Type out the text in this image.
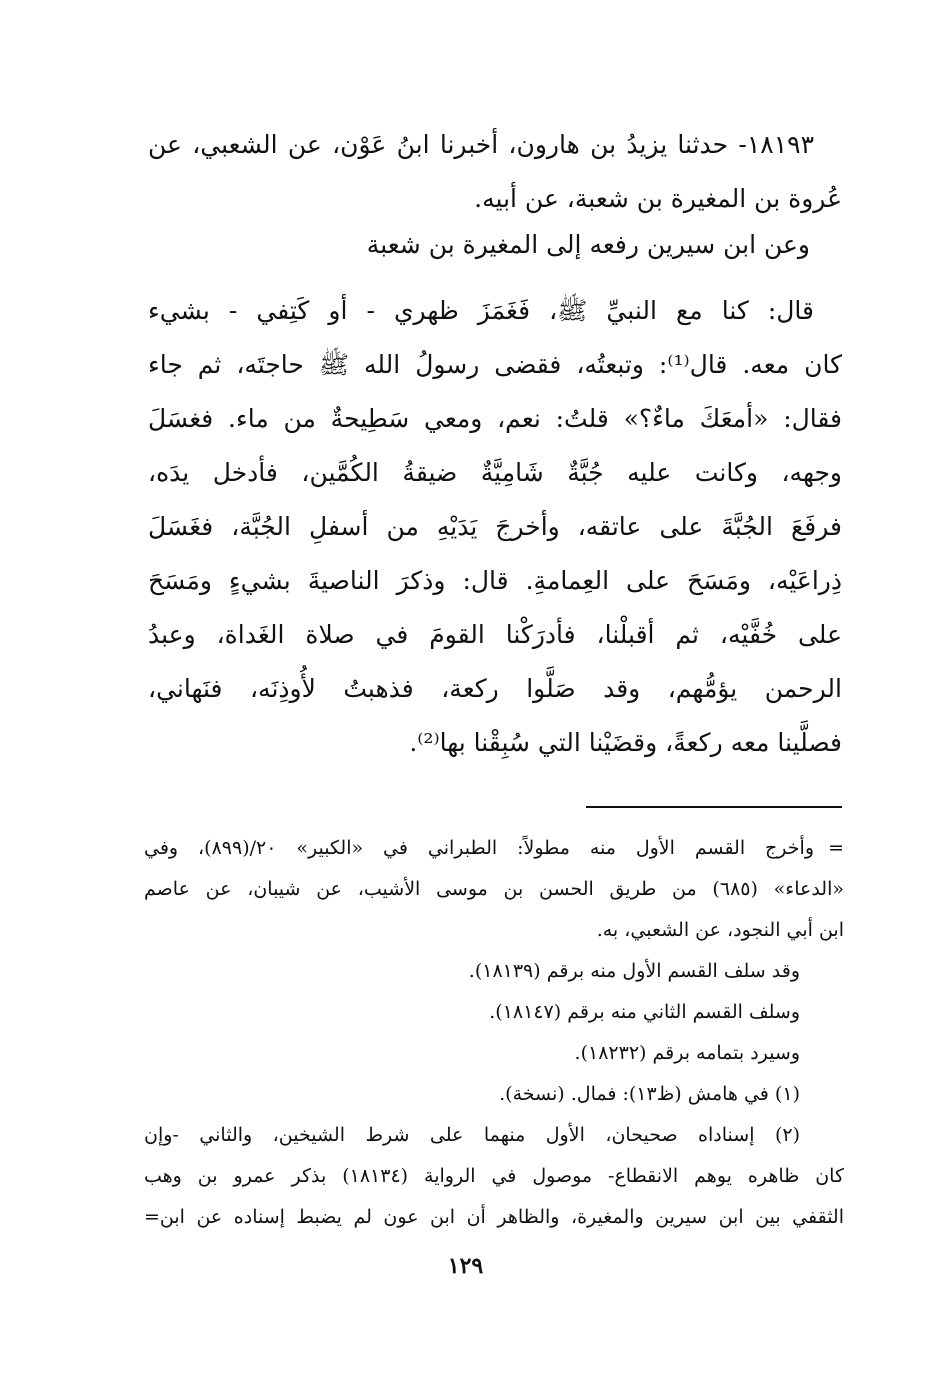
١٨١٩٣- حدثنا يزيدُ بن هارون، أخبرنا ابنُ عَوْن، عن الشعبي، عن
عُروة بن المغيرة بن شعبة، عن أبيه.
وعن ابن سيرين رفعه إلى المغيرة بن شعبة
قال: كنا مع النبيِّ ﷺ، فَغَمَزَ ظهري - أو كَتِفي - بشيء
كان معه. قال⁽¹⁾: وتبعتُه، فقضى رسولُ الله ﷺ حاجتَه، ثم جاء
فقال: «أمعَكَ ماءٌ؟» قلتُ: نعم، ومعي سَطِيحةٌ من ماء. فغسَلَ
وجهه، وكانت عليه جُبَّةٌ شَامِيَّةٌ ضيقةُ الكُمَّين، فأدخل يدَه،
فرفَعَ الجُبَّةَ على عاتقه، وأخرجَ يَدَيْهِ من أسفلِ الجُبَّة، فغَسَلَ
ذِراعَيْه، ومَسَحَ على العِمامةِ. قال: وذكرَ الناصيةَ بشيءٍ ومَسَحَ
على خُفَّيْه، ثم أقبلْنا، فأدرَكْنا القومَ في صلاة الغَداة، وعبدُ
الرحمن يؤمُّهم، وقد صَلَّوا ركعة، فذهبتُ لأُوذِنَه، فنَهاني،
فصلَّينا معه ركعةً، وقضَيْنا التي سُبِقْنا بها⁽²⁾.
=
وأخرج القسم الأول منه مطولاً: الطبراني في «الكبير» ٢٠/(٨٩٩)، وفي
«الدعاء» (٦٨٥) من طريق الحسن بن موسى الأشيب، عن شيبان، عن عاصم
ابن أبي النجود، عن الشعبي، به.
وقد سلف القسم الأول منه برقم (١٨١٣٩).
وسلف القسم الثاني منه برقم (١٨١٤٧).
وسيرد بتمامه برقم (١٨٢٣٢).
(١) في هامش (ظ١٣): فمال. (نسخة).
(٢) إسناداه صحيحان، الأول منهما على شرط الشيخين، والثاني -وإن
كان ظاهره يوهم الانقطاع- موصول في الرواية (١٨١٣٤) بذكر عمرو بن وهب
الثقفي بين ابن سيرين والمغيرة، والظاهر أن ابن عون لم يضبط إسناده عن ابن=
١٢٩
